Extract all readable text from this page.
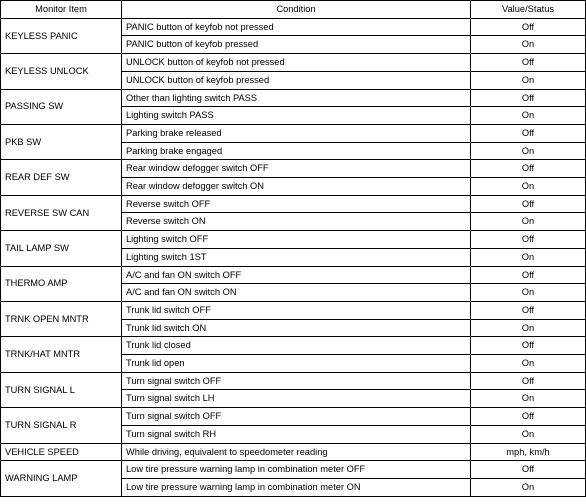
Monitor Item	Condition	Value/Status
KEYLESS PANIC	PANIC button of keyfob not pressed	Off
	PANIC button of keyfob pressed	On
KEYLESS UNLOCK	UNLOCK button of keyfob not pressed	Off
	UNLOCK button of keyfob pressed	On
PASSING SW	Other than lighting switch PASS	Off
	Lighting switch PASS	On
PKB SW	Parking brake released	Off
	Parking brake engaged	On
REAR DEF SW	Rear window defogger switch OFF	Off
	Rear window defogger switch ON	On
REVERSE SW CAN	Reverse switch OFF	Off
	Reverse switch ON	On
TAIL LAMP SW	Lighting switch OFF	Off
	Lighting switch 1ST	On
THERMO AMP	A/C and fan ON switch OFF	Off
	A/C and fan ON switch ON	On
TRNK OPEN MNTR	Trunk lid switch OFF	Off
	Trunk lid switch ON	On
TRNK/HAT MNTR	Trunk lid closed	Off
	Trunk lid open	On
TURN SIGNAL L	Turn signal switch OFF	Off
	Turn signal switch LH	On
TURN SIGNAL R	Turn signal switch OFF	Off
	Turn signal switch RH	On
VEHICLE SPEED	While driving, equivalent to speedometer reading	mph, km/h
WARNING LAMP	Low tire pressure warning lamp in combination meter OFF	Off
	Low tire pressure warning lamp in combination meter ON	On
